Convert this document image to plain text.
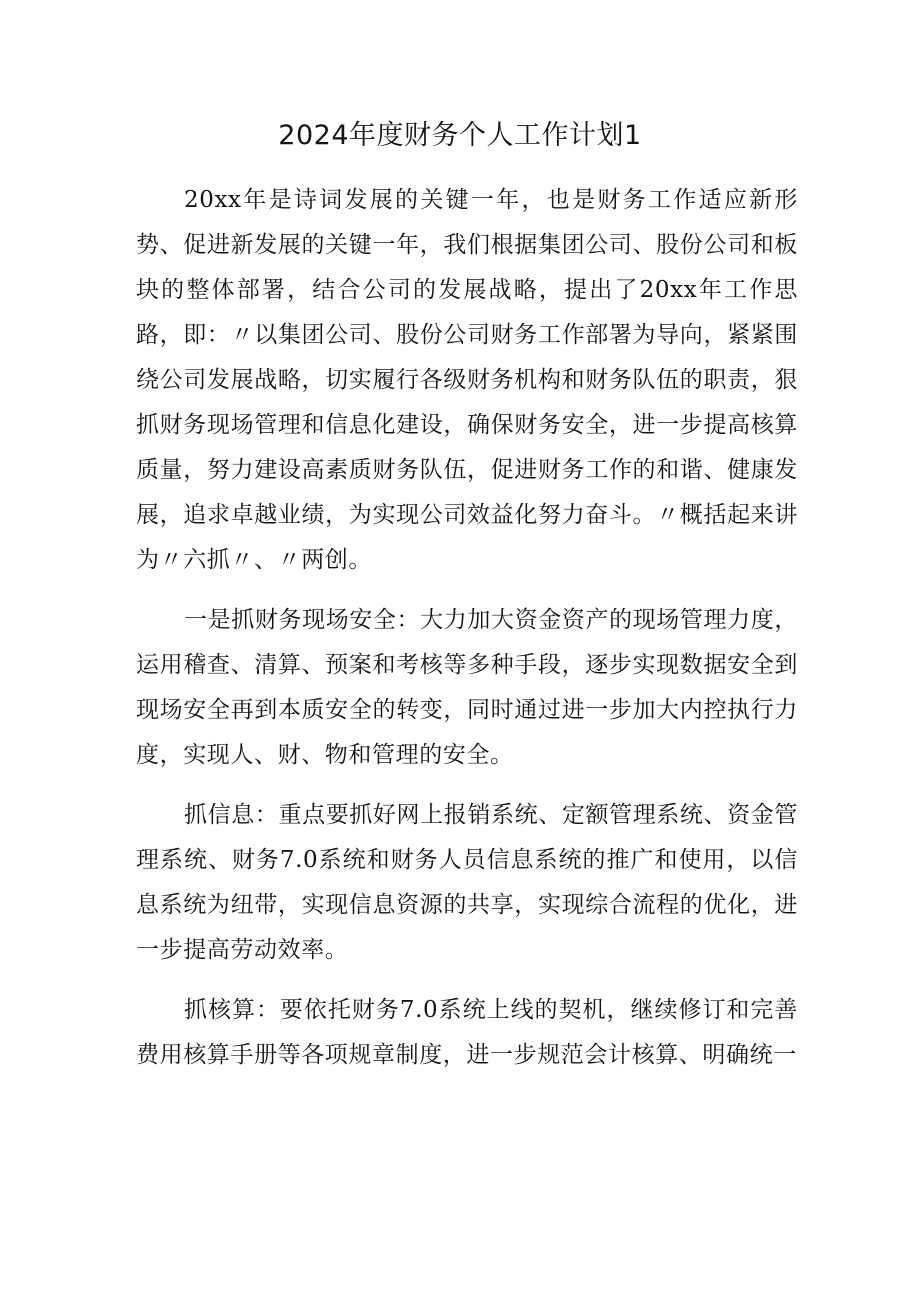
2024年度财务个人工作计划1

20xx年是诗词发展的关键一年，也是财务工作适应新形势、促进新发展的关键一年，我们根据集团公司、股份公司和板块的整体部署，结合公司的发展战略，提出了20xx年工作思路，即：〃以集团公司、股份公司财务工作部署为导向，紧紧围绕公司发展战略，切实履行各级财务机构和财务队伍的职责，狠抓财务现场管理和信息化建设，确保财务安全，进一步提高核算质量，努力建设高素质财务队伍，促进财务工作的和谐、健康发展，追求卓越业绩，为实现公司效益化努力奋斗。〃概括起来讲为〃六抓〃、〃两创。

一是抓财务现场安全：大力加大资金资产的现场管理力度，运用稽查、清算、预案和考核等多种手段，逐步实现数据安全到现场安全再到本质安全的转变，同时通过进一步加大内控执行力度，实现人、财、物和管理的安全。

抓信息：重点要抓好网上报销系统、定额管理系统、资金管理系统、财务7.0系统和财务人员信息系统的推广和使用，以信息系统为纽带，实现信息资源的共享，实现综合流程的优化，进一步提高劳动效率。

抓核算：要依托财务7.0系统上线的契机，继续修订和完善费用核算手册等各项规章制度，进一步规范会计核算、明确统一
